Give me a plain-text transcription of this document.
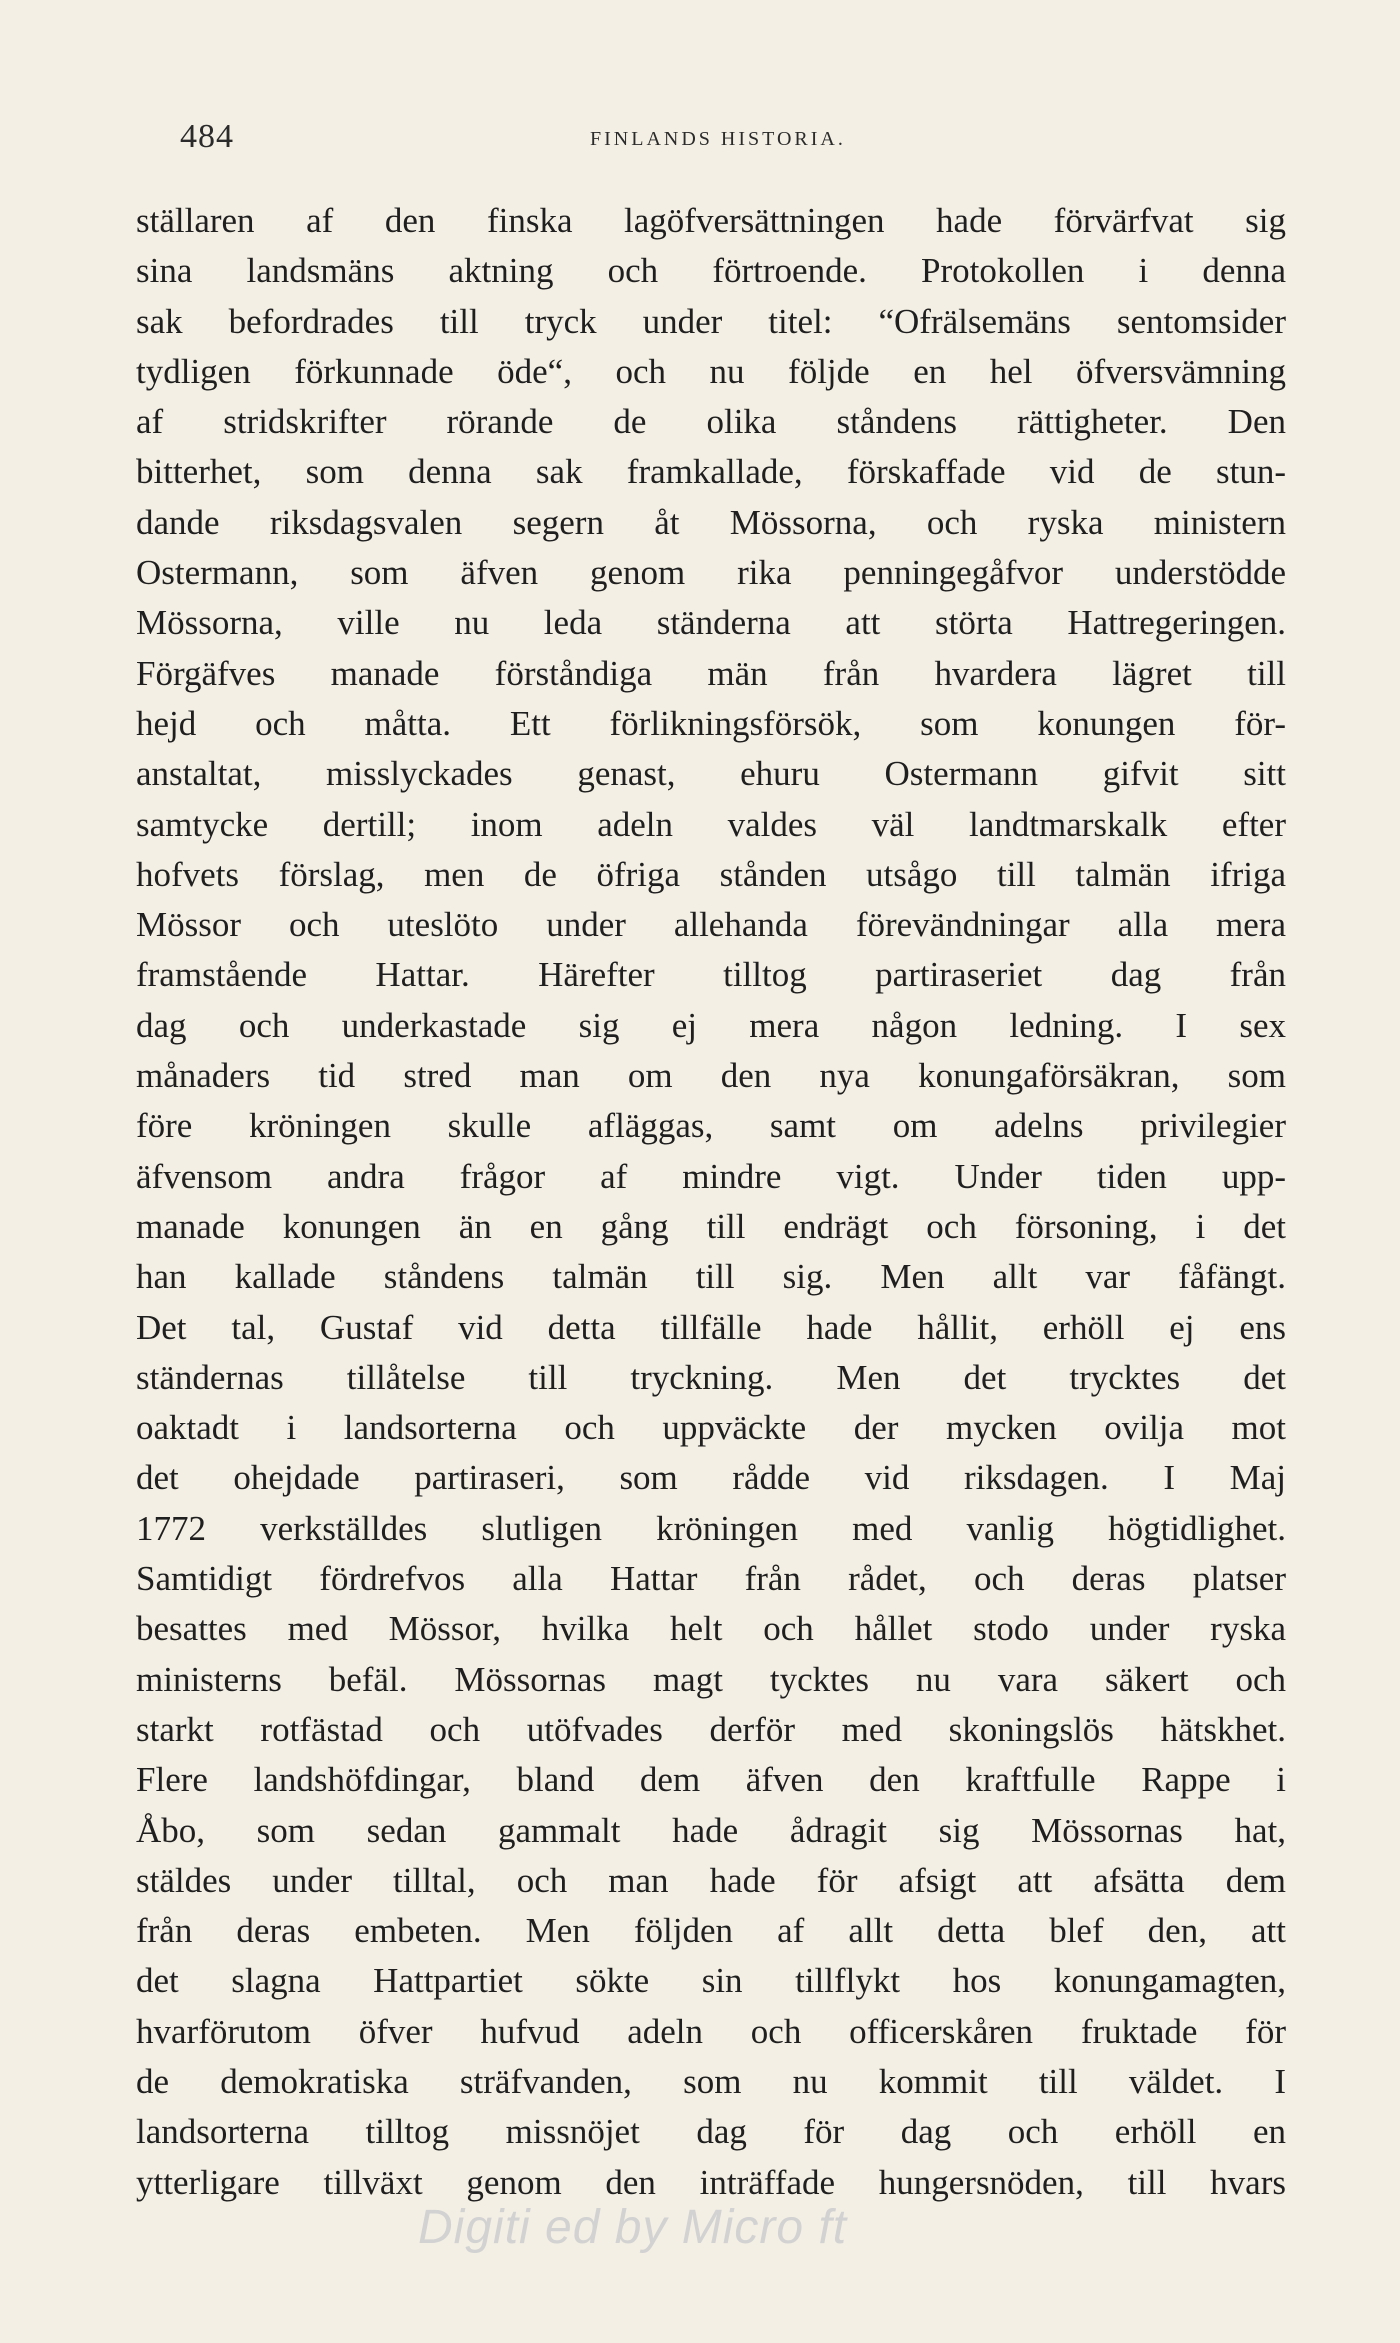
484	FINLANDS HISTORIA.
ställaren af den finska lagöfversättningen hade förvärfvat sig
sina landsmäns aktning och förtroende. Protokollen i denna
sak befordrades till tryck under titel: “Ofrälsemäns sentomsider
tydligen förkunnade öde“, och nu följde en hel öfversvämning
af stridskrifter rörande de olika ståndens rättigheter. Den
bitterhet, som denna sak framkallade, förskaffade vid de stun-
dande riksdagsvalen segern åt Mössorna, och ryska ministern
Ostermann, som äfven genom rika penningegåfvor understödde
Mössorna, ville nu leda ständerna att störta Hattregeringen.
Förgäfves manade förståndiga män från hvardera lägret till
hejd och måtta. Ett förlikningsförsök, som konungen för-
anstaltat, misslyckades genast, ehuru Ostermann gifvit sitt
samtycke dertill; inom adeln valdes väl landtmarskalk efter
hofvets förslag, men de öfriga stånden utsågo till talmän ifriga
Mössor och uteslöto under allehanda förevändningar alla mera
framstående Hattar. Härefter tilltog partiraseriet dag från
dag och underkastade sig ej mera någon ledning. I sex
månaders tid stred man om den nya konungaförsäkran, som
före kröningen skulle afläggas, samt om adelns privilegier
äfvensom andra frågor af mindre vigt. Under tiden upp-
manade konungen än en gång till endrägt och försoning, i det
han kallade ståndens talmän till sig. Men allt var fåfängt.
Det tal, Gustaf vid detta tillfälle hade hållit, erhöll ej ens
ständernas tillåtelse till tryckning. Men det trycktes det
oaktadt i landsorterna och uppväckte der mycken ovilja mot
det ohejdade partiraseri, som rådde vid riksdagen. I Maj
1772 verkställdes slutligen kröningen med vanlig högtidlighet.
Samtidigt fördrefvos alla Hattar från rådet, och deras platser
besattes med Mössor, hvilka helt och hållet stodo under ryska
ministerns befäl. Mössornas magt tycktes nu vara säkert och
starkt rotfästad och utöfvades derför med skoningslös hätskhet.
Flere landshöfdingar, bland dem äfven den kraftfulle Rappe i
Åbo, som sedan gammalt hade ådragit sig Mössornas hat,
stäldes under tilltal, och man hade för afsigt att afsätta dem
från deras embeten. Men följden af allt detta blef den, att
det slagna Hattpartiet sökte sin tillflykt hos konungamagten,
hvarförutom öfver hufvud adeln och officerskåren fruktade för
de demokratiska sträfvanden, som nu kommit till väldet. I
landsorterna tilltog missnöjet dag för dag och erhöll en
ytterligare tillväxt genom den inträffade hungersnöden, till hvars
Digiti ed by Micro ft
